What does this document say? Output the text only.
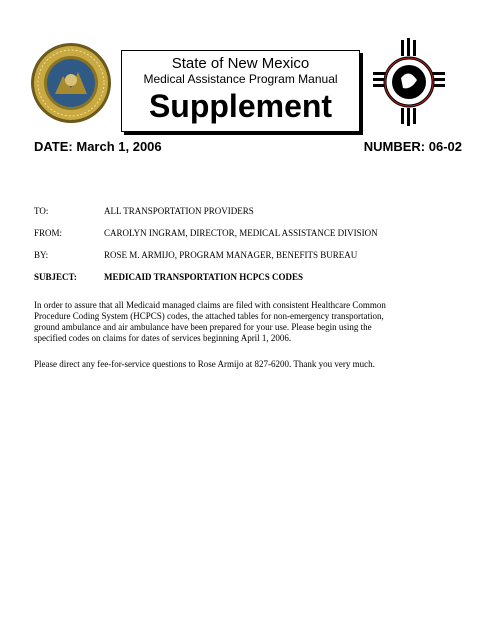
State of New Mexico
Medical Assistance Program Manual
Supplement
DATE: March 1, 2006	NUMBER: 06-02
TO:	ALL TRANSPORTATION PROVIDERS
FROM:	CAROLYN INGRAM, DIRECTOR, MEDICAL ASSISTANCE DIVISION
BY:	ROSE M. ARMIJO, PROGRAM MANAGER, BENEFITS BUREAU
SUBJECT:	MEDICAID TRANSPORTATION HCPCS CODES
In order to assure that all Medicaid managed claims are filed with consistent Healthcare Common
Procedure Coding System (HCPCS) codes, the attached tables for non-emergency transportation,
ground ambulance and air ambulance have been prepared for your use. Please begin using the
specified codes on claims for dates of services beginning April 1, 2006.
Please direct any fee-for-service questions to Rose Armijo at 827-6200. Thank you very much.
